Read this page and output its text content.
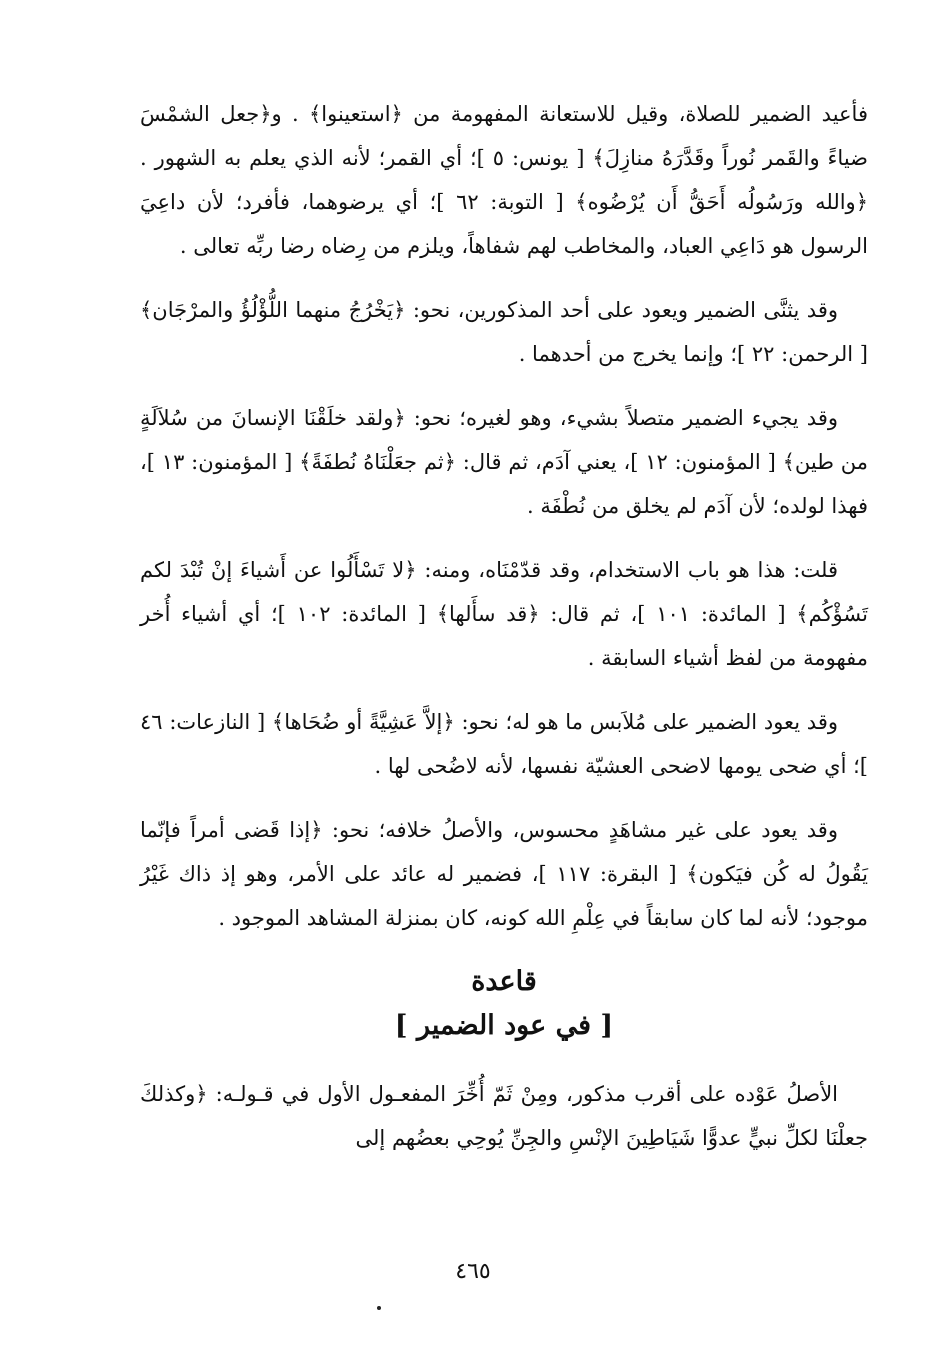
فأعيد الضمير للصلاة، وقيل للاستعانة المفهومة من ﴿استعينوا﴾ . و﴿جعل الشمْسَ ضياءً والقَمر نُوراً وقَدَّرَهُ منازِلَ﴾ [ يونس: ٥ ]؛ أي القمر؛ لأنه الذي يعلم به الشهور . ﴿والله ورَسُولُه أَحَقُّ أَن يُرْضُوه﴾ [ التوبة: ٦٢ ]؛ أي يرضوهما، فأفرد؛ لأن داعِيَ الرسول هو دَاعِي العباد، والمخاطب لهم شفاهاً، ويلزم من رِضاه رضا ربِّه تعالى .

وقد يثنَّى الضمير ويعود على أحد المذكورين، نحو: ﴿يَخْرُجُ منهما اللُّؤْلُؤُ والمرْجَان﴾ [ الرحمن: ٢٢ ]؛ وإنما يخرج من أحدهما .

وقد يجيء الضمير متصلاً بشيء، وهو لغيره؛ نحو: ﴿ولقد خلَقْنَا الإنسانَ من سُلاَلَةٍ من طين﴾ [ المؤمنون: ١٢ ]، يعني آدَم، ثم قال: ﴿ثم جعَلْنَاهُ نُطفَةً﴾ [ المؤمنون: ١٣ ]، فهذا لولده؛ لأن آدَم لم يخلق من نُطْفَة .

قلت: هذا هو باب الاستخدام، وقد قدّمْنَاه، ومنه: ﴿لا تَسْأَلُوا عن أَشياءَ إنْ تُبْدَ لكم تَسُؤْكُم﴾ [ المائدة: ١٠١ ]، ثم قال: ﴿قد سأَلها﴾ [ المائدة: ١٠٢ ]؛ أي أشياء أُخر مفهومة من لفظ أشياء السابقة .

وقد يعود الضمير على مُلاَبس ما هو له؛ نحو: ﴿إلاَّ عَشِيَّةً أو ضُحَاها﴾ [ النازعات: ٤٦ ]؛ أي ضحى يومها لاضحى العشيّة نفسها، لأنه لاضُحى لها .

وقد يعود على غير مشاهَدٍ محسوس، والأصلُ خلافه؛ نحو: ﴿إذا قَضى أمراً فإنّما يَقُولُ له كُن فيَكون﴾ [ البقرة: ١١٧ ]، فضمير له عائد على الأمر، وهو إذ ذاك غَيْرُ موجود؛ لأنه لما كان سابقاً في عِلْمِ الله كونه، كان بمنزلة المشاهد الموجود .

قاعدة
[ في عود الضمير ]

الأصلُ عَوْده على أقرب مذكور، ومِنْ ثَمّ أُخِّرَ المفعـول الأول في قـولـه: ﴿وكذلكَ جعلْنَا لكلِّ نبيٍّ عدوًّا شَيَاطِينَ الإنْسِ والجِنِّ يُوحِي بعضُهم إلى

٤٦٥
